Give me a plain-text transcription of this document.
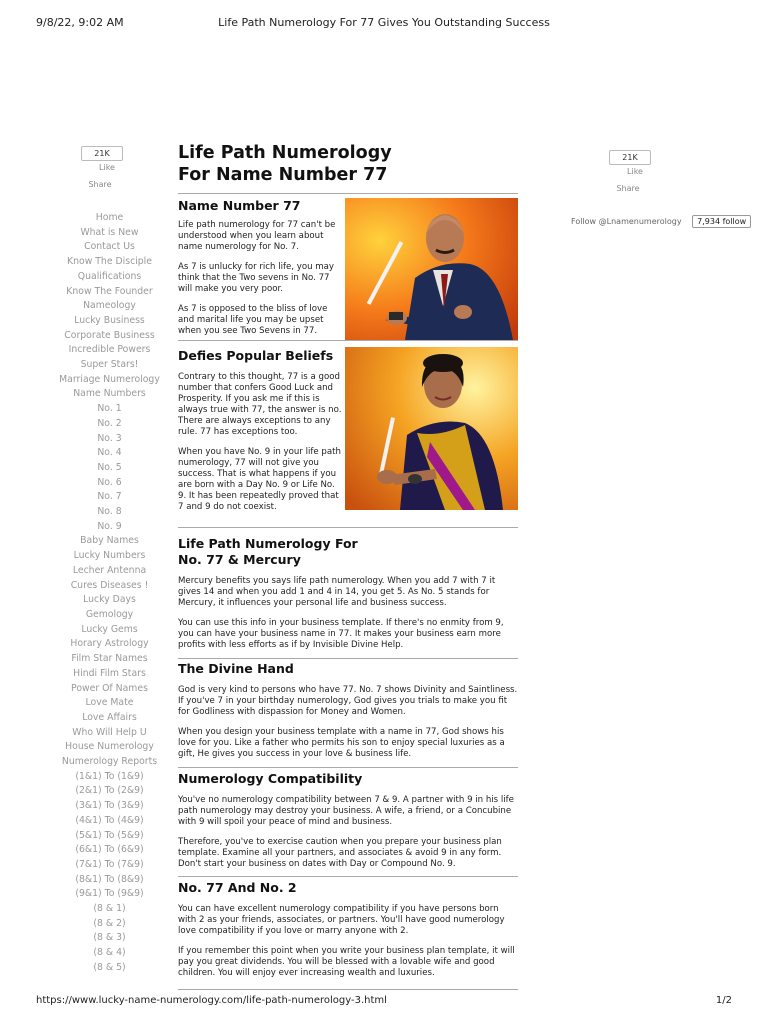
9/8/22, 9:02 AM	Life Path Numerology For 77 Gives You Outstanding Success
https://www.lucky-name-numerology.com/life-path-numerology-3.html	1/2
21K
Like
Share
21K
Like
Share
Follow @Lnamenumerology 7,934 follow
Home
What is New
Contact Us
Know The Disciple
Qualifications
Know The Founder
Nameology
Lucky Business
Corporate Business
Incredible Powers
Super Stars!
Marriage Numerology
Name Numbers
No. 1
No. 2
No. 3
No. 4
No. 5
No. 6
No. 7
No. 8
No. 9
Baby Names
Lucky Numbers
Lecher Antenna
Cures Diseases !
Lucky Days
Gemology
Lucky Gems
Horary Astrology
Film Star Names
Hindi Film Stars
Power Of Names
Love Mate
Love Affairs
Who Will Help U
House Numerology
Numerology Reports
(1&1) To (1&9)
(2&1) To (2&9)
(3&1) To (3&9)
(4&1) To (4&9)
(5&1) To (5&9)
(6&1) To (6&9)
(7&1) To (7&9)
(8&1) To (8&9)
(9&1) To (9&9)
(8 & 1)
(8 & 2)
(8 & 3)
(8 & 4)
(8 & 5)
Life Path Numerology
For Name Number 77
Name Number 77

Life path numerology for 77 can't be understood when you learn about name numerology for No. 7.

As 7 is unlucky for rich life, you may think that the Two sevens in No. 77 will make you very poor.

As 7 is opposed to the bliss of love and marital life you may be upset when you see Two Sevens in 77.

Defies Popular Beliefs

Contrary to this thought, 77 is a good number that confers Good Luck and Prosperity. If you ask me if this is always true with 77, the answer is no. There are always exceptions to any rule. 77 has exceptions too.

When you have No. 9 in your life path numerology, 77 will not give you success. That is what happens if you are born with a Day No. 9 or Life No. 9. It has been repeatedly proved that 7 and 9 do not coexist.

Life Path Numerology For
No. 77 & Mercury

Mercury benefits you says life path numerology. When you add 7 with 7 it gives 14 and when you add 1 and 4 in 14, you get 5. As No. 5 stands for Mercury, it influences your personal life and business success.

You can use this info in your business template. If there's no enmity from 9, you can have your business name in 77. It makes your business earn more profits with less efforts as if by Invisible Divine Help.

The Divine Hand

God is very kind to persons who have 77. No. 7 shows Divinity and Saintliness. If you've 7 in your birthday numerology, God gives you trials to make you fit for Godliness with dispassion for Money and Women.

When you design your business template with a name in 77, God shows his love for you. Like a father who permits his son to enjoy special luxuries as a gift, He gives you success in your love & business life.

Numerology Compatibility

You've no numerology compatibility between 7 & 9. A partner with 9 in his life path numerology may destroy your business. A wife, a friend, or a Concubine with 9 will spoil your peace of mind and business.

Therefore, you've to exercise caution when you prepare your business plan template. Examine all your partners, and associates & avoid 9 in any form. Don't start your business on dates with Day or Compound No. 9.

No. 77 And No. 2

You can have excellent numerology compatibility if you have persons born with 2 as your friends, associates, or partners. You'll have good numerology love compatibility if you love or marry anyone with 2.

If you remember this point when you write your business plan template, it will pay you great dividends. You will be blessed with a lovable wife and good children. You will enjoy ever increasing wealth and luxuries.
